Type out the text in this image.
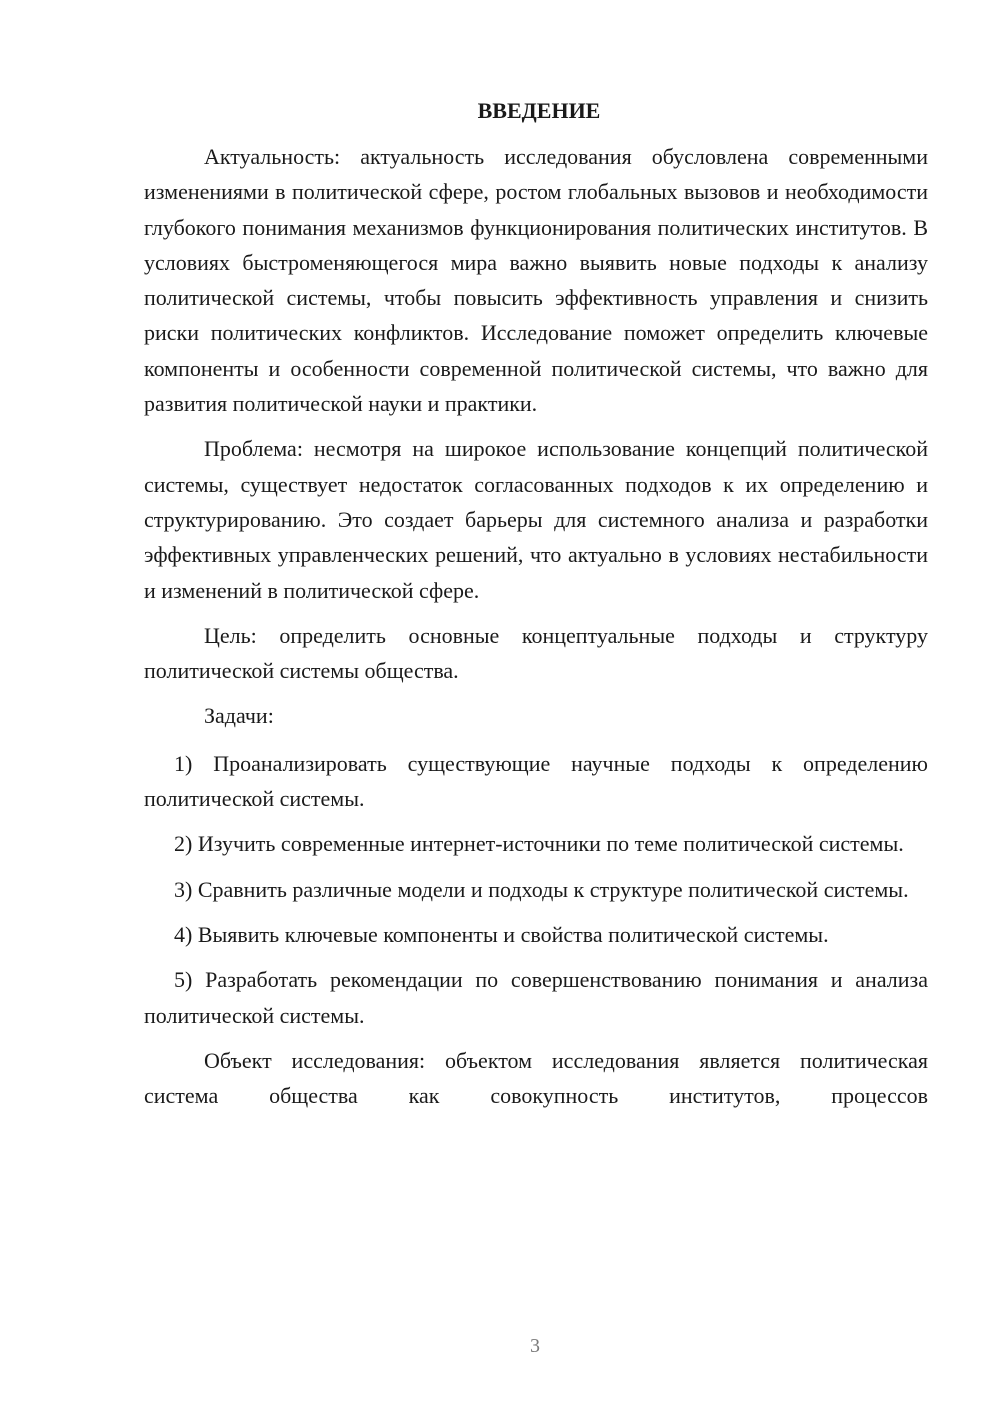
ВВЕДЕНИЕ

Актуальность: актуальность исследования обусловлена современными изменениями в политической сфере, ростом глобальных вызовов и необходимости глубокого понимания механизмов функционирования политических институтов. В условиях быстроменяющегося мира важно выявить новые подходы к анализу политической системы, чтобы повысить эффективность управления и снизить риски политических конфликтов. Исследование поможет определить ключевые компоненты и особенности современной политической системы, что важно для развития политической науки и практики.

Проблема: несмотря на широкое использование концепций политической системы, существует недостаток согласованных подходов к их определению и структурированию. Это создает барьеры для системного анализа и разработки эффективных управленческих решений, что актуально в условиях нестабильности и изменений в политической сфере.

Цель: определить основные концептуальные подходы и структуру политической системы общества.

Задачи:

1) Проанализировать существующие научные подходы к определению политической системы.

2) Изучить современные интернет-источники по теме политической системы.

3) Сравнить различные модели и подходы к структуре политической системы.

4) Выявить ключевые компоненты и свойства политической системы.

5) Разработать рекомендации по совершенствованию понимания и анализа политической системы.

Объект исследования: объектом исследования является политическая система общества как совокупность институтов, процессов

3
